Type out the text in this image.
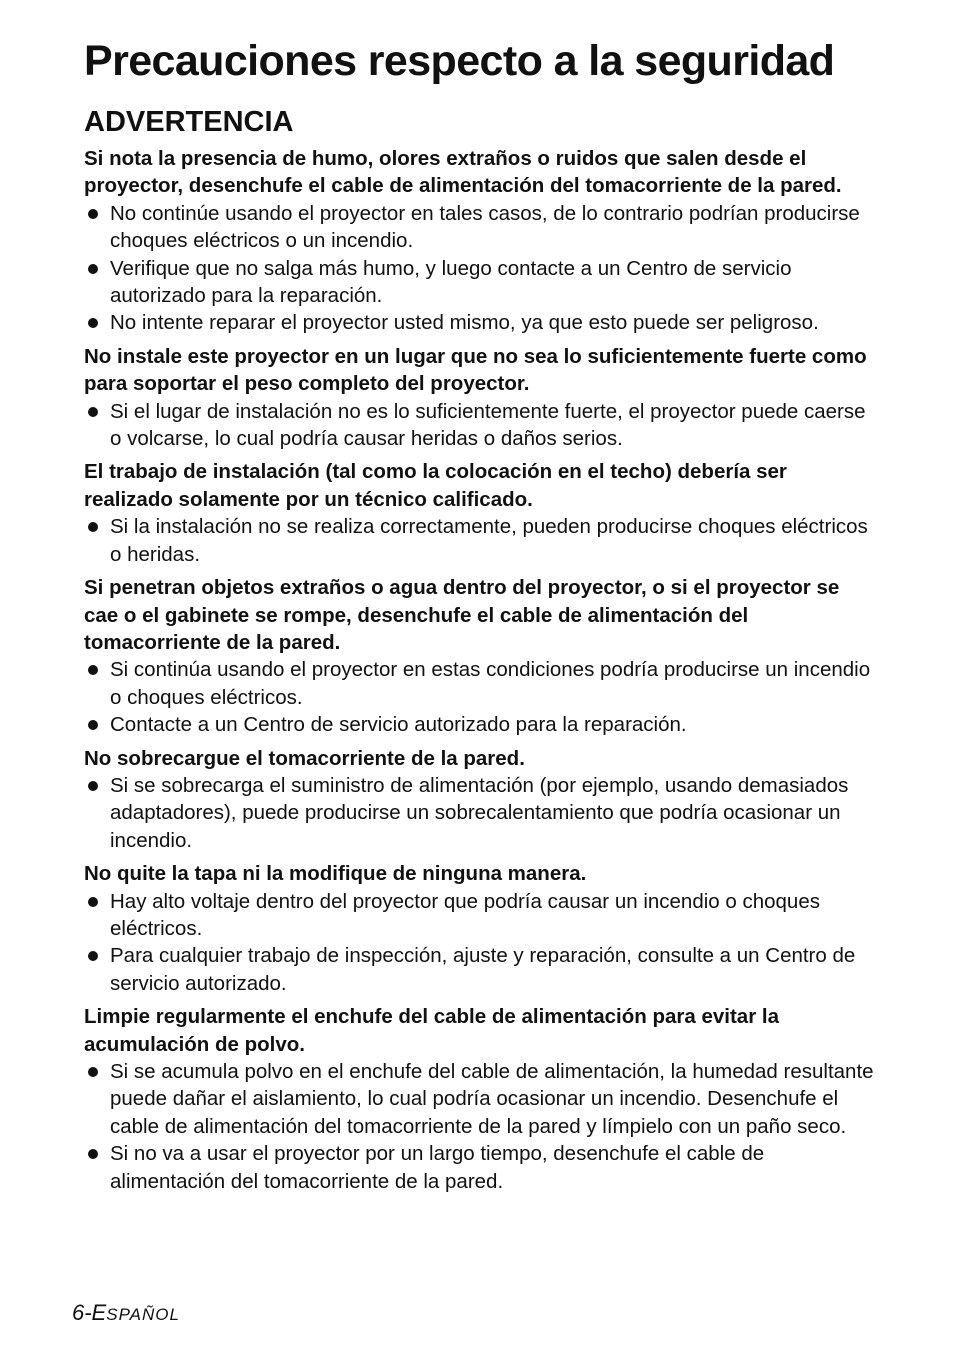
Precauciones respecto a la seguridad
ADVERTENCIA

Si nota la presencia de humo, olores extraños o ruidos que salen desde el proyector, desenchufe el cable de alimentación del tomacorriente de la pared.

No continúe usando el proyector en tales casos, de lo contrario podrían producirse choques eléctricos o un incendio.
Verifique que no salga más humo, y luego contacte a un Centro de servicio autorizado para la reparación.
No intente reparar el proyector usted mismo, ya que esto puede ser peligroso.

No instale este proyector en un lugar que no sea lo suficientemente fuerte como para soportar el peso completo del proyector.

Si el lugar de instalación no es lo suficientemente fuerte, el proyector puede caerse o volcarse, lo cual podría causar heridas o daños serios.

El trabajo de instalación (tal como la colocación en el techo) debería ser realizado solamente por un técnico calificado.

Si la instalación no se realiza correctamente, pueden producirse choques eléctricos o heridas.

Si penetran objetos extraños o agua dentro del proyector, o si el proyector se cae o el gabinete se rompe, desenchufe el cable de alimentación del tomacorriente de la pared.

Si continúa usando el proyector en estas condiciones podría producirse un incendio o choques eléctricos.
Contacte a un Centro de servicio autorizado para la reparación.

No sobrecargue el tomacorriente de la pared.

Si se sobrecarga el suministro de alimentación (por ejemplo, usando demasiados adaptadores), puede producirse un sobrecalentamiento que podría ocasionar un incendio.

No quite la tapa ni la modifique de ninguna manera.

Hay alto voltaje dentro del proyector que podría causar un incendio o choques eléctricos.
Para cualquier trabajo de inspección, ajuste y reparación, consulte a un Centro de servicio autorizado.

Limpie regularmente el enchufe del cable de alimentación para evitar la acumulación de polvo.

Si se acumula polvo en el enchufe del cable de alimentación, la humedad resultante puede dañar el aislamiento, lo cual podría ocasionar un incendio. Desenchufe el cable de alimentación del tomacorriente de la pared y límpielo con un paño seco.
Si no va a usar el proyector por un largo tiempo, desenchufe el cable de alimentación del tomacorriente de la pared.
6-ESPAÑOL
